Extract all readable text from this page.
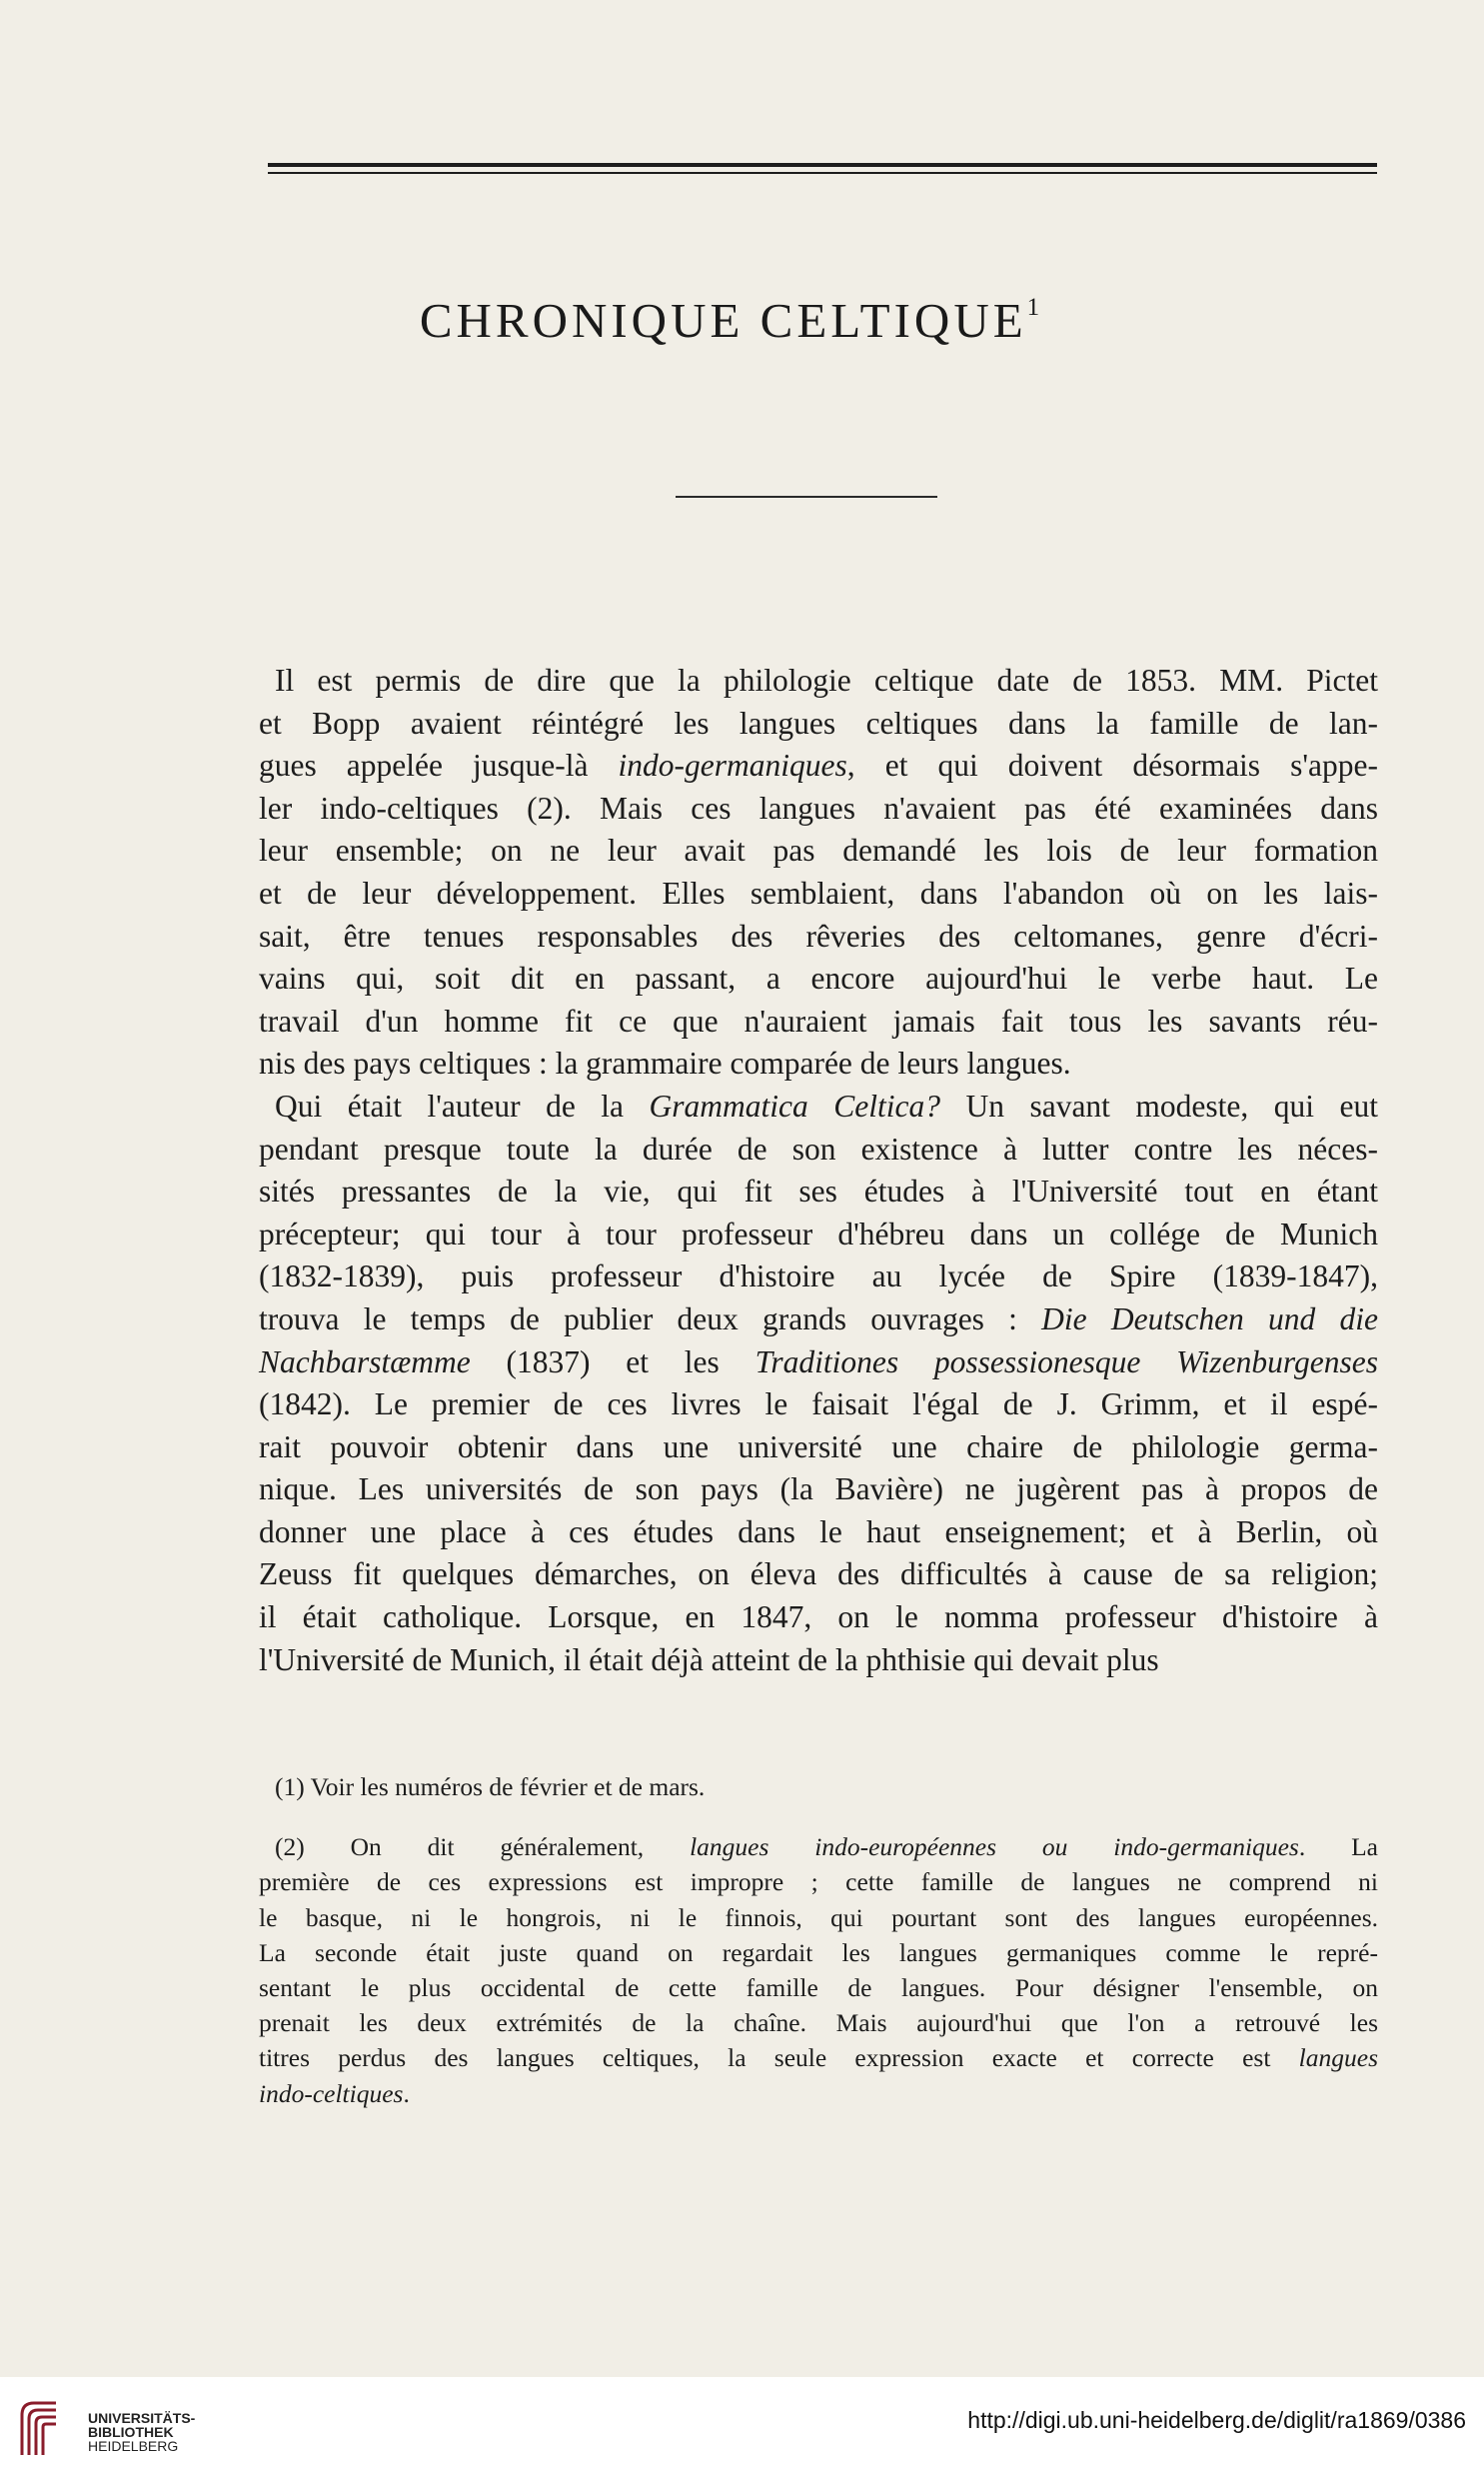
CHRONIQUE CELTIQUE$^1$

Il est permis de dire que la philologie celtique date de 1853. MM. Pictet
et Bopp avaient réintégré les langues celtiques dans la famille de lan-
gues appelée jusque-là indo-germaniques, et qui doivent désormais s'appe-
ler indo-celtiques (2). Mais ces langues n'avaient pas été examinées dans
leur ensemble; on ne leur avait pas demandé les lois de leur formation
et de leur développement. Elles semblaient, dans l'abandon où on les lais-
sait, être tenues responsables des rêveries des celtomanes, genre d'écri-
vains qui, soit dit en passant, a encore aujourd'hui le verbe haut. Le
travail d'un homme fit ce que n'auraient jamais fait tous les savants réu-
nis des pays celtiques : la grammaire comparée de leurs langues.

Qui était l'auteur de la Grammatica Celtica? Un savant modeste, qui eut
pendant presque toute la durée de son existence à lutter contre les néces-
sités pressantes de la vie, qui fit ses études à l'Université tout en étant
précepteur; qui tour à tour professeur d'hébreu dans un collége de Munich
(1832-1839), puis professeur d'histoire au lycée de Spire (1839-1847),
trouva le temps de publier deux grands ouvrages : Die Deutschen und die
Nachbarstæmme (1837) et les Traditiones possessionesque Wizenburgenses
(1842). Le premier de ces livres le faisait l'égal de J. Grimm, et il espé-
rait pouvoir obtenir dans une université une chaire de philologie germa-
nique. Les universités de son pays (la Bavière) ne jugèrent pas à propos de
donner une place à ces études dans le haut enseignement; et à Berlin, où
Zeuss fit quelques démarches, on éleva des difficultés à cause de sa religion;
il était catholique. Lorsque, en 1847, on le nomma professeur d'histoire à
l'Université de Munich, il était déjà atteint de la phthisie qui devait plus

(1) Voir les numéros de février et de mars.

(2) On dit généralement, langues indo-européennes ou indo-germaniques. La
première de ces expressions est impropre ; cette famille de langues ne comprend ni
le basque, ni le hongrois, ni le finnois, qui pourtant sont des langues européennes.
La seconde était juste quand on regardait les langues germaniques comme le repré-
sentant le plus occidental de cette famille de langues. Pour désigner l'ensemble, on
prenait les deux extrémités de la chaîne. Mais aujourd'hui que l'on a retrouvé les
titres perdus des langues celtiques, la seule expression exacte et correcte est langues
indo-celtiques.

UNIVERSITÄTS-
BIBLIOTHEK
HEIDELBERG
http://digi.ub.uni-heidelberg.de/diglit/ra1869/0386
